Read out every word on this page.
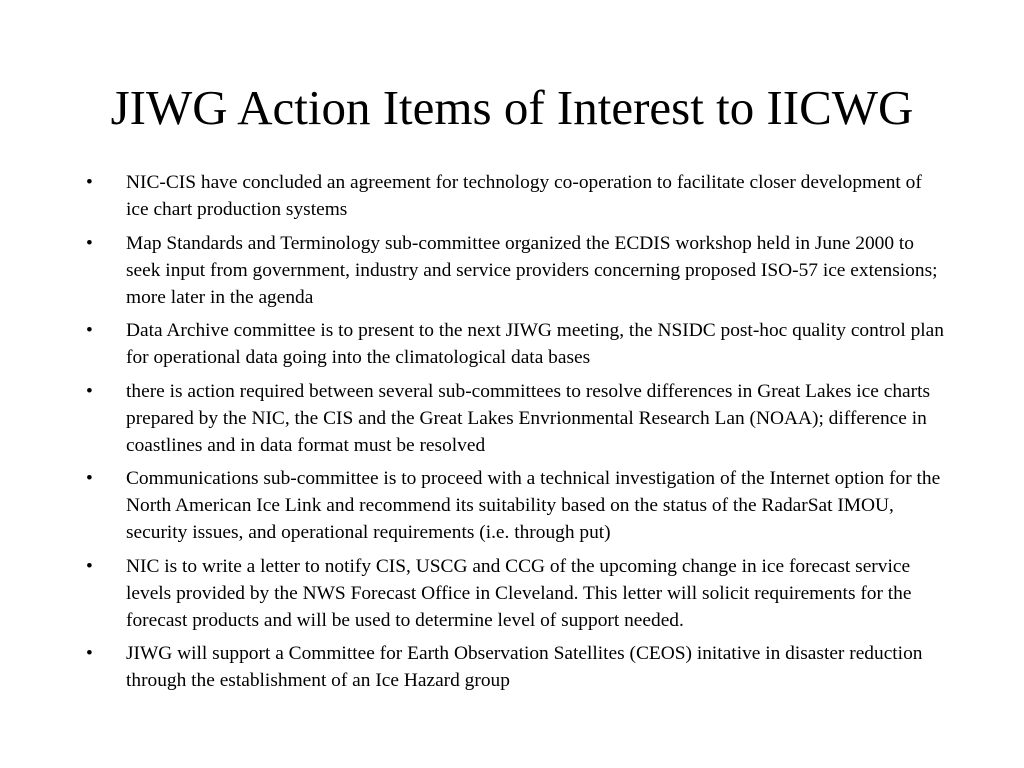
JIWG Action Items of Interest to IICWG
•	NIC-CIS have concluded an agreement for technology co-operation to facilitate closer development of ice chart production systems
•	Map Standards and Terminology sub-committee organized the ECDIS workshop held in June 2000 to seek input from government, industry and service providers concerning proposed ISO-57 ice extensions; more later in the agenda
•	Data Archive committee is to present to the next JIWG meeting, the NSIDC post-hoc quality control plan for operational data going into the climatological data bases
•	there is action required between several sub-committees to resolve differences in Great Lakes ice charts prepared by the NIC, the CIS and the Great Lakes Envrionmental Research Lan (NOAA); difference in coastlines and in data format must be resolved
•	Communications sub-committee is to proceed with a technical investigation of the Internet option for the North American Ice Link and recommend its suitability based on the status of the RadarSat IMOU, security issues, and operational requirements (i.e. through put)
•	NIC is to write a letter to notify CIS, USCG and CCG of the upcoming change in ice forecast service levels provided by the NWS Forecast Office in Cleveland. This letter will solicit requirements for the forecast products and will be used to determine level of support needed.
•	JIWG will support a Committee for Earth Observation Satellites (CEOS) initative in disaster reduction through the establishment of an Ice Hazard group
